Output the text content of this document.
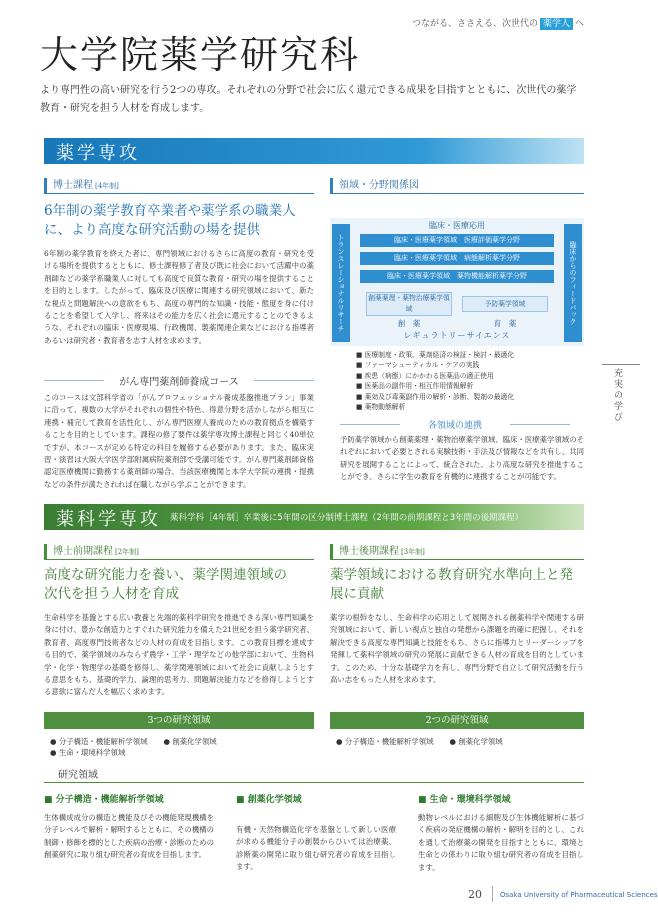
つながる、ささえる、次世代の 薬学人 へ
大学院薬学研究科

より専門性の高い研究を行う2つの専攻。それぞれの分野で社会に広く還元できる成果を目指すとともに、次世代の薬学教育・研究を担う人材を育成します。

薬学専攻
博士課程 [4年制]
6年制の薬学教育卒業者や薬学系の職業人に、より高度な研究活動の場を提供

6年制の薬学教育を終えた者に、専門領域におけるさらに高度の教育・研究を受ける場所を提供するとともに、修士課程修了者及び既に社会において活躍中の薬剤師などの薬学系職業人に対しても高度で良質な教育・研究の場を提供することを目的とします。したがって、臨床及び医療に関連する研究領域において、新たな視点と問題解決への意欲をもち、高度の専門的な知識・技能・態度を身に付けることを希望して入学し、将来はその能力を広く社会に還元することのできるような、それぞれの臨床・医療現場、行政機関、製薬関連企業などにおける指導者あるいは研究者・教育者を志す人材を求めます。

がん専門薬剤師養成コース

このコースは文部科学省の「がんプロフェッショナル養成基盤推進プラン」事業に沿って、複数の大学がそれぞれの個性や特色、得意分野を活かしながら相互に連携・補完して教育を活性化し、がん専門医療人養成のための教育拠点を構築することを目的としています。課程の修了要件は薬学専攻博士課程と同じく40単位ですが、本コースが定める特定の科目を履修する必要があります。また、臨床実習・演習は大阪大学医学部附属病院薬剤部で受講可能です。がん専門薬剤師資格認定医療機関に勤務する薬剤師の場合、当該医療機関と本学大学院の連携・提携などの条件が満たされれば在職しながら学ぶことができます。

領域・分野関係図
トランスレーショナルリサーチ	臨床からのフィードバック
臨床・医療応用
臨床・医療薬学領域　 医療評価薬学分野
臨床・医療薬学領域　 病態解析薬学分野
臨床・医療薬学領域　 薬物機能解析薬学分野
創薬薬理・薬物治療薬学領域
予防薬学領域
創　薬	育　薬
レギュラトリーサイエンス
■ 医療制度・政策、薬剤経済の検証・検討・最適化
■ ファーマシューティカル・ケアの実践
■ 疾患（病態）にかかわる医薬品の適正使用
■ 医薬品の副作用・相互作用情報解析
■ 薬効及び毒薬副作用の解析・診断、製剤の最適化
■ 薬物動態解析
各領域の連携

予防薬学領域から創薬薬理・薬物治療薬学領域、臨床・医療薬学領域のそれぞれにおいて必要とされる実験技術・手法及び情報などを共有し、共同研究を展開することによって、統合された、より高度な研究を推進することができ、さらに学生の教育を有機的に連携することが可能です。

充実の学び
薬科学専攻 薬科学科［4年制］卒業後に5年間の区分制博士課程（2年間の前期課程と3年間の後期課程）
博士前期課程 [2年制]
高度な研究能力を養い、薬学関連領域の次代を担う人材を育成

生命科学を基盤とする広い教養と先端的薬科学研究を推進できる深い専門知識を身に付け、豊かな創造力とすぐれた研究能力を備えた21世紀を担う薬学研究者、教育者、高度専門技術者などの人材の育成を目指します。この教育目標を達成する目的で、薬学領域のみならず農学・工学・理学などの他学部において、生物科学・化学・物理学の基礎を修得し、薬学関連領域において社会に貢献しようとする意思をもち、基礎的学力、論理的思考力、問題解決能力などを修得しようとする意欲に富んだ人を幅広く求めます。

3つの研究領域
● 分子構造・機能解析学領域 ● 創薬化学領域● 生命・環境科学領域
博士後期課程 [3年制]
薬学領域における教育研究水準向上と発展に貢献

薬学の根幹をなし、生命科学の応用として展開される創薬科学や関連する研究領域において、新しい視点と独自の発想から課題を的確に把握し、それを解決できる高度な専門知識と技能をもち、さらに指導力とリーダーシップを発揮して薬科学領域の研究の発展に貢献できる人材の育成を目的としています。このため、十分な基礎学力を有し、専門分野で自立して研究活動を行う高い志をもった人材を求めます。

2つの研究領域
● 分子構造・機能解析学領域 ● 創薬化学領域
研究領域
■ 分子構造・機能解析学領域

生体構成成分の構造と機能及びその機能発現機構を分子レベルで解析・解明するとともに、その機構の制御・修飾を標的とした疾病の治療・診断のための創薬研究に取り組む研究者の育成を目指します。

■ 創薬化学領域

有機・天然物構造化学を基盤として新しい医療が求める機能分子の創製からひいては治療薬、診断薬の開発に取り組む研究者の育成を目指します。

■ 生命・環境科学領域

動物レベルにおける細胞及び生体機能解析に基づく疾病の発症機構の解析・解明を目的とし、これを通して治療薬の開発を目指すとともに、環境と生命との係わりに取り組む研究者の育成を目指します。

20	Osaka University of Pharmaceutical Sciences
